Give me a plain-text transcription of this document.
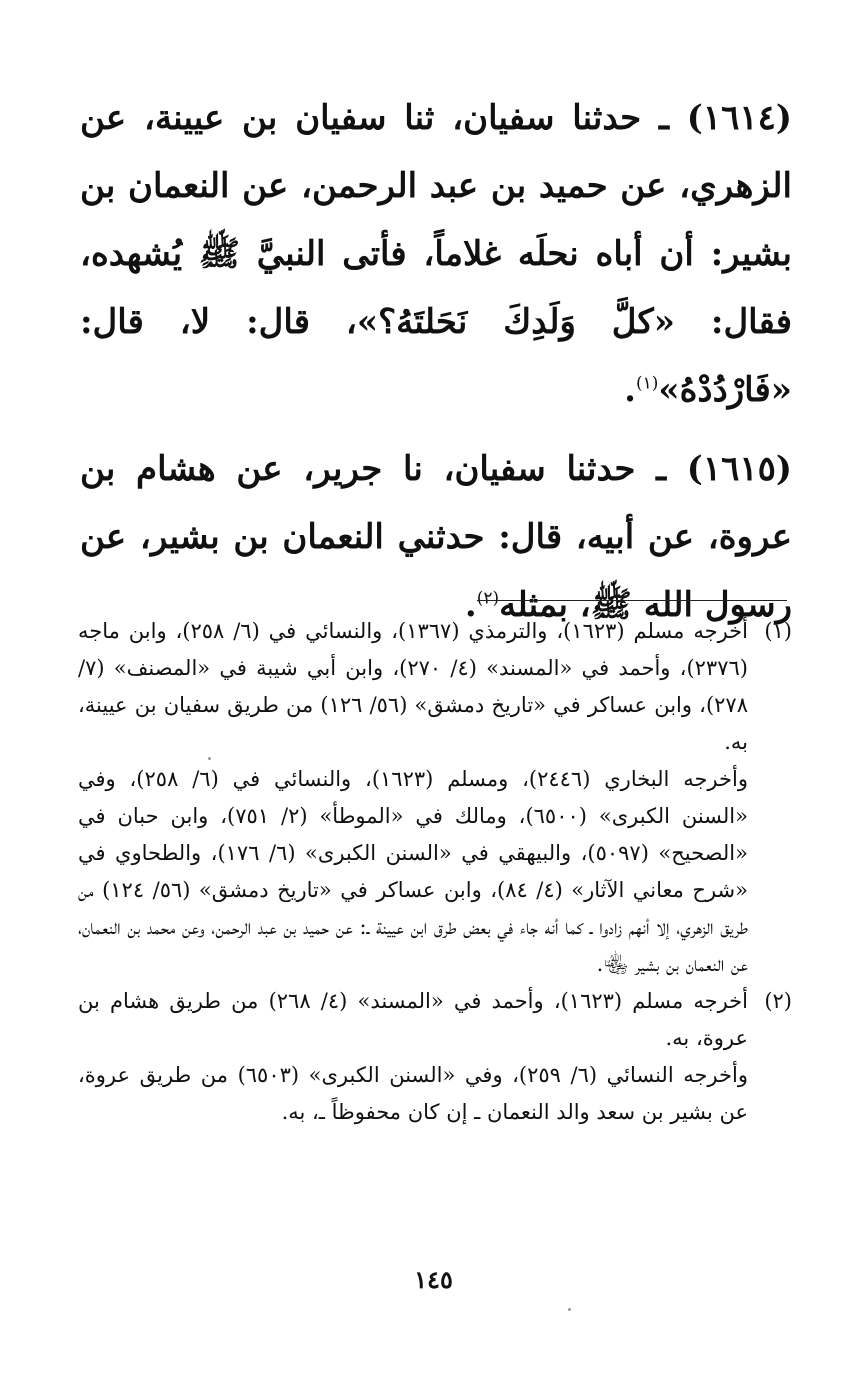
(١٦١٤) ـ حدثنا سفيان، ثنا سفيان بن عيينة، عن الزهري، عن حميد بن عبد الرحمن، عن النعمان بن بشير: أن أباه نحلَه غلاماً، فأتى النبيَّ ﷺ يُشهده، فقال: «كلَّ وَلَدِكَ نَحَلتَهُ؟»، قال: لا، قال: «فَارْدُدْهُ»$^{(١)}$.

(١٦١٥) ـ حدثنا سفيان، نا جرير، عن هشام بن عروة، عن أبيه، قال: حدثني النعمان بن بشير، عن رسول الله ﷺ، بمثله$^{(٢)}$.

(١)

أخرجه مسلم (١٦٢٣)، والترمذي (١٣٦٧)، والنسائي في (٦/ ٢٥٨)، وابن ماجه (٢٣٧٦)، وأحمد في «المسند» (٤/ ٢٧٠)، وابن أبي شيبة في «المصنف» (٧/ ٢٧٨)، وابن عساكر في «تاريخ دمشق» (٥٦/ ١٢٦) من طريق سفيان بن عيينة، به.

وأخرجه البخاري (٢٤٤٦)، ومسلم (١٦٢٣)، والنسائي في (٦/ ٢٥٨)، وفي «السنن الكبرى» (٦٥٠٠)، ومالك في «الموطأ» (٢/ ٧٥١)، وابن حبان في «الصحيح» (٥٠٩٧)، والبيهقي في «السنن الكبرى» (٦/ ١٧٦)، والطحاوي في «شرح معاني الآثار» (٤/ ٨٤)، وابن عساكر في «تاريخ دمشق» (٥٦/ ١٢٤) من طريق الزهري، إلا أنهم زادوا ـ كما أنه جاء في بعض طرق ابن عيينة ـ: عن حميد بن عبد الرحمن، وعن محمد بن النعمان، عن النعمان بن بشير ﵄.

(٢)

أخرجه مسلم (١٦٢٣)، وأحمد في «المسند» (٤/ ٢٦٨) من طريق هشام بن عروة، به.

وأخرجه النسائي (٦/ ٢٥٩)، وفي «السنن الكبرى» (٦٥٠٣) من طريق عروة، عن بشير بن سعد والد النعمان ـ إن كان محفوظاً ـ، به.

١٤٥
